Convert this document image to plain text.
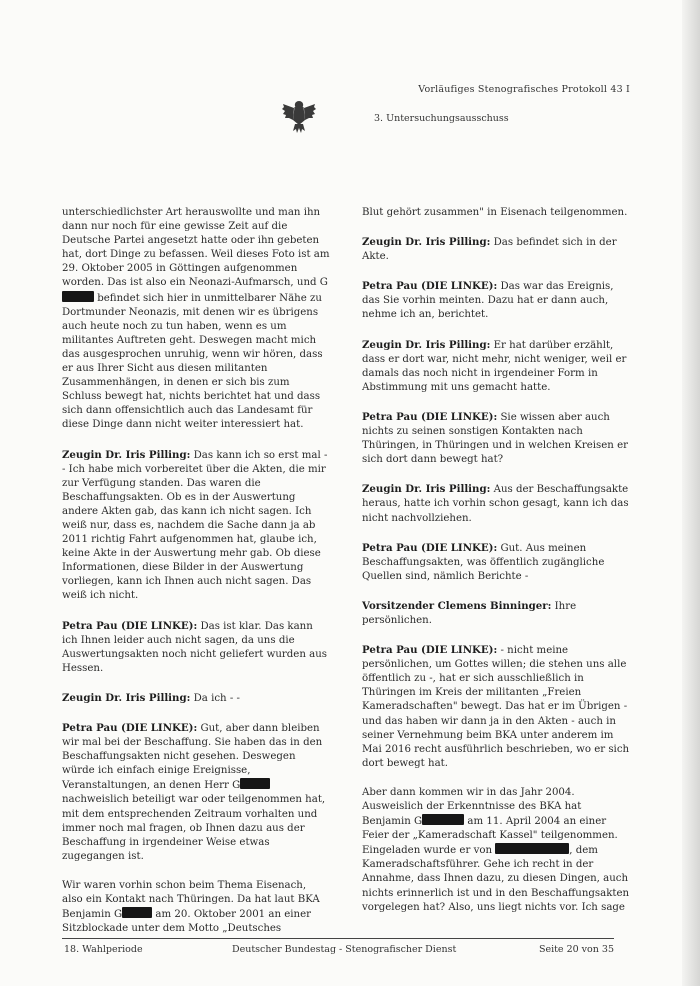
Vorläufiges Stenografisches Protokoll 43 I
3. Untersuchungsausschuss

unterschiedlichster Art herauswollte und man ihn dann nur noch für eine gewisse Zeit auf die Deutsche Partei angesetzt hatte oder ihn gebeten hat, dort Dinge zu befassen. Weil dieses Foto ist am 29. Oktober 2005 in Göttingen aufgenommen worden. Das ist also ein Neonazi-Aufmarsch, und G befindet sich hier in unmittelbarer Nähe zu Dortmunder Neonazis, mit denen wir es übrigens auch heute noch zu tun haben, wenn es um militantes Auftreten geht. Deswegen macht mich das ausgesprochen unruhig, wenn wir hören, dass er aus Ihrer Sicht aus diesen militanten Zusammenhängen, in denen er sich bis zum Schluss bewegt hat, nichts berichtet hat und dass sich dann offensichtlich auch das Landesamt für diese Dinge dann nicht weiter interessiert hat.

Zeugin Dr. Iris Pilling: Das kann ich so erst mal - - Ich habe mich vorbereitet über die Akten, die mir zur Verfügung standen. Das waren die Beschaffungsakten. Ob es in der Auswertung andere Akten gab, das kann ich nicht sagen. Ich weiß nur, dass es, nachdem die Sache dann ja ab 2011 richtig Fahrt aufgenommen hat, glaube ich, keine Akte in der Auswertung mehr gab. Ob diese Informationen, diese Bilder in der Auswertung vorliegen, kann ich Ihnen auch nicht sagen. Das weiß ich nicht.

Petra Pau (DIE LINKE): Das ist klar. Das kann ich Ihnen leider auch nicht sagen, da uns die Auswertungsakten noch nicht geliefert wurden aus Hessen.

Zeugin Dr. Iris Pilling: Da ich - -

Petra Pau (DIE LINKE): Gut, aber dann bleiben wir mal bei der Beschaffung. Sie haben das in den Beschaffungsakten nicht gesehen. Deswegen würde ich einfach einige Ereignisse, Veranstaltungen, an denen Herr G nachweislich beteiligt war oder teilgenommen hat, mit dem entsprechenden Zeitraum vorhalten und immer noch mal fragen, ob Ihnen dazu aus der Beschaffung in irgendeiner Weise etwas zugegangen ist.

Wir waren vorhin schon beim Thema Eisenach, also ein Kontakt nach Thüringen. Da hat laut BKA Benjamin G	am 20. Oktober 2001 an einer Sitzblockade unter dem Motto „Deutsches

Blut gehört zusammen" in Eisenach teilgenommen.

Zeugin Dr. Iris Pilling: Das befindet sich in der Akte.

Petra Pau (DIE LINKE): Das war das Ereignis, das Sie vorhin meinten. Dazu hat er dann auch, nehme ich an, berichtet.

Zeugin Dr. Iris Pilling: Er hat darüber erzählt, dass er dort war, nicht mehr, nicht weniger, weil er damals das noch nicht in irgendeiner Form in Abstimmung mit uns gemacht hatte.

Petra Pau (DIE LINKE): Sie wissen aber auch nichts zu seinen sonstigen Kontakten nach Thüringen, in Thüringen und in welchen Kreisen er sich dort dann bewegt hat?

Zeugin Dr. Iris Pilling: Aus der Beschaffungsakte heraus, hatte ich vorhin schon gesagt, kann ich das nicht nachvollziehen.

Petra Pau (DIE LINKE): Gut. Aus meinen Beschaffungsakten, was öffentlich zugängliche Quellen sind, nämlich Berichte -

Vorsitzender Clemens Binninger: Ihre persönlichen.

Petra Pau (DIE LINKE): - nicht meine persönlichen, um Gottes willen; die stehen uns alle öffentlich zu -, hat er sich ausschließlich in Thüringen im Kreis der militanten „Freien Kameradschaften" bewegt. Das hat er im Übrigen - und das haben wir dann ja in den Akten - auch in seiner Vernehmung beim BKA unter anderem im Mai 2016 recht ausführlich beschrieben, wo er sich dort bewegt hat.

Aber dann kommen wir in das Jahr 2004. Ausweislich der Erkenntnisse des BKA hat Benjamin G	am 11. April 2004 an einer Feier der „Kameradschaft Kassel" teilgenommen. Eingeladen wurde er von	, dem Kameradschaftsführer. Gehe ich recht in der Annahme, dass Ihnen dazu, zu diesen Dingen, auch nichts erinnerlich ist und in den Beschaffungsakten vorgelegen hat? Also, uns liegt nichts vor. Ich sage

18. Wahlperiode	Deutscher Bundestag - Stenografischer Dienst	Seite 20 von 35
